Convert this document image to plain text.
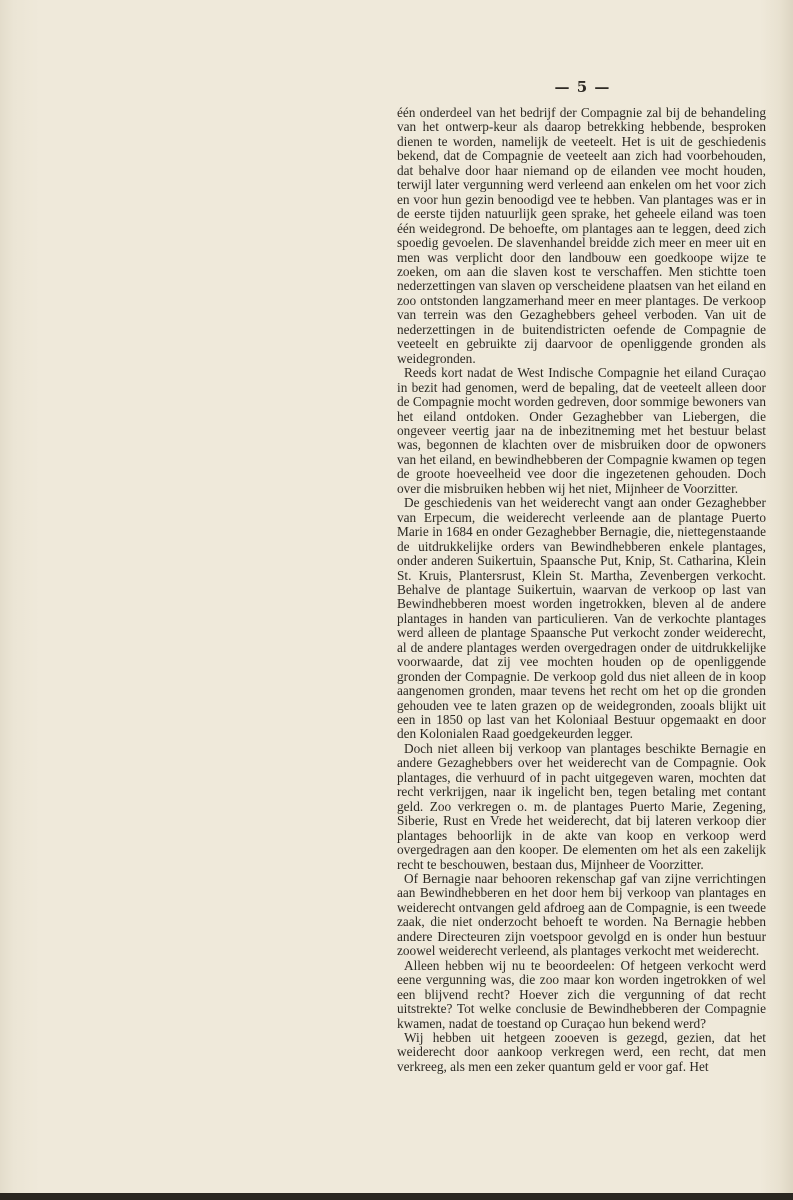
— 5 —

één onderdeel van het bedrijf der Compagnie zal bij de behandeling van het ontwerp-keur als daarop betrekking hebbende, besproken dienen te worden, namelijk de veeteelt. Het is uit de geschiedenis bekend, dat de Compagnie de veeteelt aan zich had voorbehouden, dat behalve door haar niemand op de eilanden vee mocht houden, terwijl later vergunning werd verleend aan enkelen om het voor zich en voor hun gezin benoodigd vee te hebben. Van plantages was er in de eerste tijden natuurlijk geen sprake, het geheele eiland was toen één weidegrond. De behoefte, om plantages aan te leggen, deed zich spoedig gevoelen. De slavenhandel breidde zich meer en meer uit en men was verplicht door den landbouw een goedkoope wijze te zoeken, om aan die slaven kost te verschaffen. Men stichtte toen nederzettingen van slaven op verscheidene plaatsen van het eiland en zoo ontstonden langzamerhand meer en meer plantages. De verkoop van terrein was den Gezaghebbers geheel verboden. Van uit de nederzettingen in de buitendistricten oefende de Compagnie de veeteelt en gebruikte zij daarvoor de openliggende gronden als weidegronden.

Reeds kort nadat de West Indische Compagnie het eiland Curaçao in bezit had genomen, werd de bepaling, dat de veeteelt alleen door de Compagnie mocht worden gedreven, door sommige bewoners van het eiland ontdoken. Onder Gezaghebber van Liebergen, die ongeveer veertig jaar na de inbezitneming met het bestuur belast was, begonnen de klachten over de misbruiken door de opwoners van het eiland, en bewindhebberen der Compagnie kwamen op tegen de groote hoeveelheid vee door die ingezetenen gehouden. Doch over die misbruiken hebben wij het niet, Mijnheer de Voorzitter.

De geschiedenis van het weiderecht vangt aan onder Gezaghebber van Erpecum, die weiderecht verleende aan de plantage Puerto Marie in 1684 en onder Gezaghebber Bernagie, die, niettegenstaande de uitdrukkelijke orders van Bewindhebberen enkele plantages, onder anderen Suikertuin, Spaansche Put, Knip, St. Catharina, Klein St. Kruis, Plantersrust, Klein St. Martha, Zevenbergen verkocht. Behalve de plantage Suikertuin, waarvan de verkoop op last van Bewindhebberen moest worden ingetrokken, bleven al de andere plantages in handen van particulieren. Van de verkochte plantages werd alleen de plantage Spaansche Put verkocht zonder weiderecht, al de andere plantages werden overgedragen onder de uitdrukkelijke voorwaarde, dat zij vee mochten houden op de openliggende gronden der Compagnie. De verkoop gold dus niet alleen de in koop aangenomen gronden, maar tevens het recht om het op die gronden gehouden vee te laten grazen op de weidegronden, zooals blijkt uit een in 1850 op last van het Koloniaal Bestuur opgemaakt en door den Kolonialen Raad goedgekeurden legger.

Doch niet alleen bij verkoop van plantages beschikte Bernagie en andere Gezaghebbers over het weiderecht van de Compagnie. Ook plantages, die verhuurd of in pacht uitgegeven waren, mochten dat recht verkrijgen, naar ik ingelicht ben, tegen betaling met contant geld. Zoo verkregen o. m. de plantages Puerto Marie, Zegening, Siberie, Rust en Vrede het weiderecht, dat bij lateren verkoop dier plantages behoorlijk in de akte van koop en verkoop werd overgedragen aan den kooper. De elementen om het als een zakelijk recht te beschouwen, bestaan dus, Mijnheer de Voorzitter.

Of Bernagie naar behooren rekenschap gaf van zijne verrichtingen aan Bewindhebberen en het door hem bij verkoop van plantages en weiderecht ontvangen geld afdroeg aan de Compagnie, is een tweede zaak, die niet onderzocht behoeft te worden. Na Bernagie hebben andere Directeuren zijn voetspoor gevolgd en is onder hun bestuur zoowel weiderecht verleend, als plantages verkocht met weiderecht.

Alleen hebben wij nu te beoordeelen: Of hetgeen verkocht werd eene vergunning was, die zoo maar kon worden ingetrokken of wel een blijvend recht? Hoever zich die vergunning of dat recht uitstrekte? Tot welke conclusie de Bewindhebberen der Compagnie kwamen, nadat de toestand op Curaçao hun bekend werd?

Wij hebben uit hetgeen zooeven is gezegd, gezien, dat het weiderecht door aankoop verkregen werd, een recht, dat men verkreeg, als men een zeker quantum geld er voor gaf. Het
